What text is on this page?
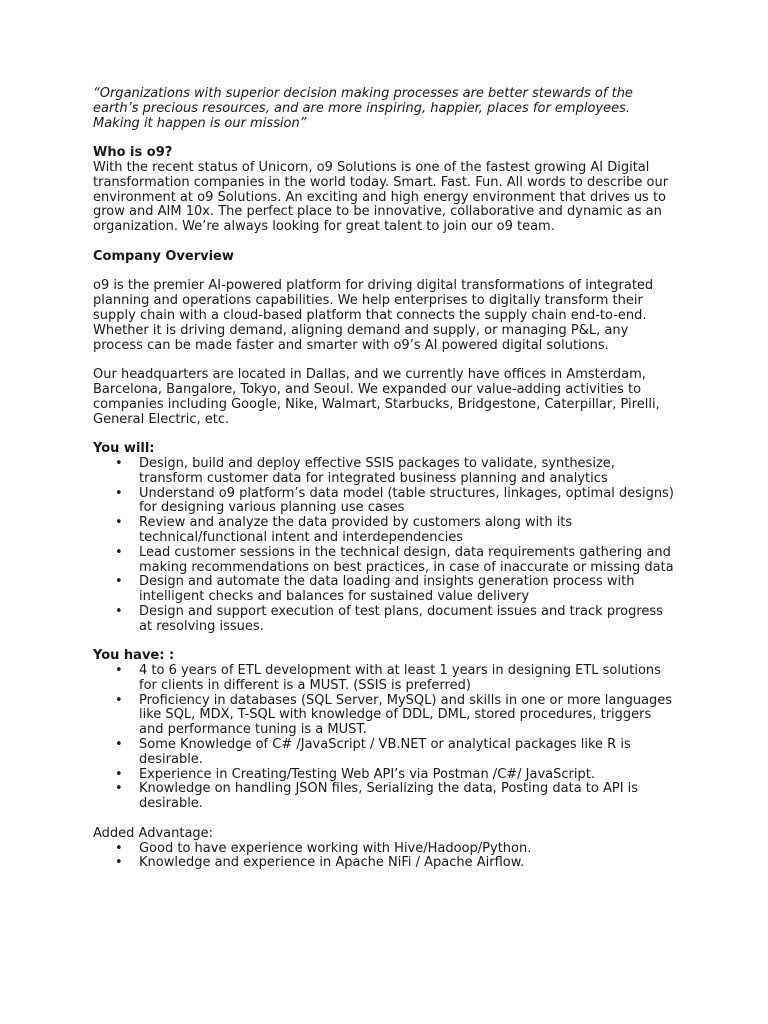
“Organizations with superior decision making processes are better stewards of the earth’s precious resources, and are more inspiring, happier, places for employees. Making it happen is our mission”

Who is o9?

With the recent status of Unicorn, o9 Solutions is one of the fastest growing AI Digital transformation companies in the world today. Smart. Fast. Fun. All words to describe our environment at o9 Solutions. An exciting and high energy environment that drives us to grow and AIM 10x. The perfect place to be innovative, collaborative and dynamic as an organization. We’re always looking for great talent to join our o9 team.

Company Overview

o9 is the premier AI-powered platform for driving digital transformations of integrated planning and operations capabilities. We help enterprises to digitally transform their supply chain with a cloud-based platform that connects the supply chain end-to-end. Whether it is driving demand, aligning demand and supply, or managing P&L, any process can be made faster and smarter with o9’s AI powered digital solutions.

Our headquarters are located in Dallas, and we currently have offices in Amsterdam, Barcelona, Bangalore, Tokyo, and Seoul. We expanded our value-adding activities to companies including Google, Nike, Walmart, Starbucks, Bridgestone, Caterpillar, Pirelli, General Electric, etc.

You will:

•	Design, build and deploy effective SSIS packages to validate, synthesize, transform customer data for integrated business planning and analytics
•	Understand o9 platform’s data model (table structures, linkages, optimal designs) for designing various planning use cases
•	Review and analyze the data provided by customers along with its technical/functional intent and interdependencies
•	Lead customer sessions in the technical design, data requirements gathering and making recommendations on best practices, in case of inaccurate or missing data
•	Design and automate the data loading and insights generation process with intelligent checks and balances for sustained value delivery
•	Design and support execution of test plans, document issues and track progress at resolving issues.

You have: :

•	4 to 6 years of ETL development with at least 1 years in designing ETL solutions for clients in different is a MUST. (SSIS is preferred)
•	Proficiency in databases (SQL Server, MySQL) and skills in one or more languages like SQL, MDX, T-SQL with knowledge of DDL, DML, stored procedures, triggers and performance tuning is a MUST.
•	Some Knowledge of C# /JavaScript / VB.NET or analytical packages like R is desirable.
•	Experience in Creating/Testing Web API’s via Postman /C#/ JavaScript.
•	Knowledge on handling JSON files, Serializing the data, Posting data to API is desirable.

Added Advantage:

•	Good to have experience working with Hive/Hadoop/Python.
•	Knowledge and experience in Apache NiFi / Apache Airflow.
